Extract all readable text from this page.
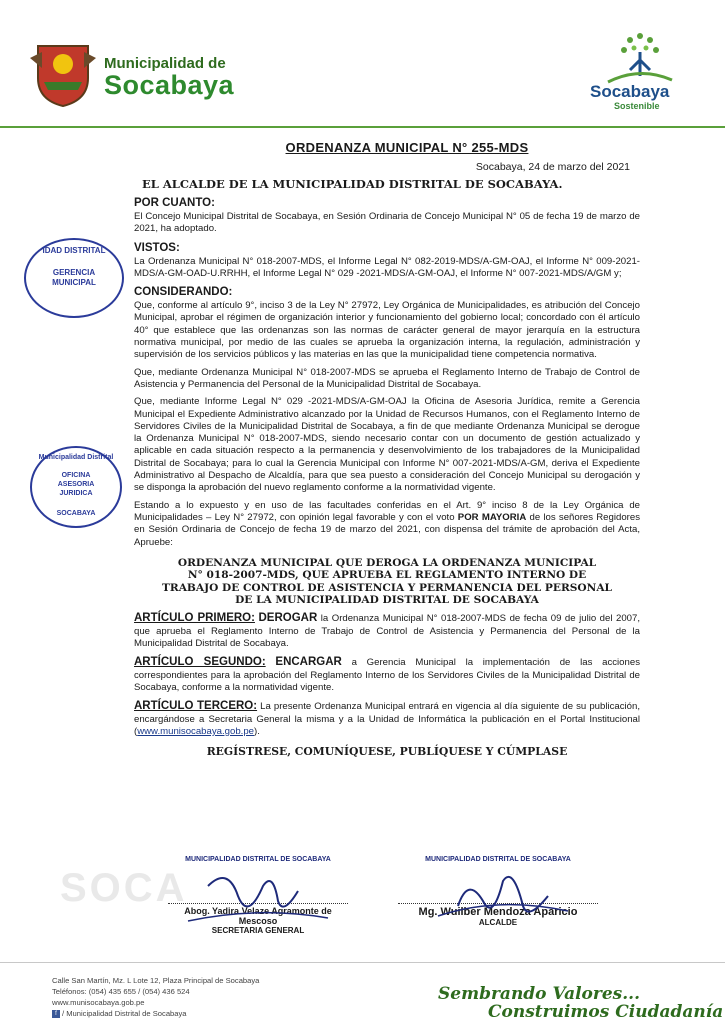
Municipalidad de
Socabaya	Socabaya
Sostenible
IDAD DISTRITAL
GERENCIA
MUNICIPAL
Municipalidad Distrital
OFICINA
ASESORIA
JURIDICA
SOCABAYA
ORDENANZA MUNICIPAL N° 255-MDS
Socabaya, 24 de marzo del 2021
EL ALCALDE DE LA MUNICIPALIDAD DISTRITAL DE SOCABAYA.
POR CUANTO:
El Concejo Municipal Distrital de Socabaya, en Sesión Ordinaria de Concejo Municipal N° 05 de fecha 19 de marzo de 2021, ha adoptado.
VISTOS:
La Ordenanza Municipal N° 018-2007-MDS, el Informe Legal N° 082-2019-MDS/A-GM-OAJ, el Informe N° 009-2021-MDS/A-GM-OAD-U.RRHH, el Informe Legal N° 029 -2021-MDS/A-GM-OAJ, el Informe N° 007-2021-MDS/A/GM y;
CONSIDERANDO:
Que, conforme al artículo 9°, inciso 3 de la Ley N° 27972, Ley Orgánica de Municipalidades, es atribución del Concejo Municipal, aprobar el régimen de organización interior y funcionamiento del gobierno local; concordado con él artículo 40° que establece que las ordenanzas son las normas de carácter general de mayor jerarquía en la estructura normativa municipal, por medio de las cuales se aprueba la organización interna, la regulación, administración y supervisión de los servicios públicos y las materias en las que la municipalidad tiene competencia normativa.
Que, mediante Ordenanza Municipal N° 018-2007-MDS se aprueba el Reglamento Interno de Trabajo de Control de Asistencia y Permanencia del Personal de la Municipalidad Distrital de Socabaya.
Que, mediante Informe Legal N° 029 -2021-MDS/A-GM-OAJ la Oficina de Asesoria Jurídica, remite a Gerencia Municipal el Expediente Administrativo alcanzado por la Unidad de Recursos Humanos, con el Reglamento Interno de Servidores Civiles de la Municipalidad Distrital de Socabaya, a fin de que mediante Ordenanza Municipal se derogue la Ordenanza Municipal N° 018-2007-MDS, siendo necesario contar con un documento de gestión actualizado y aplicable en cada situación respecto a la permanencia y desenvolvimiento de los trabajadores de la Municipalidad Distrital de Socabaya; para lo cual la Gerencia Municipal con Informe N° 007-2021-MDS/A-GM, deriva el Expediente Administrativo al Despacho de Alcaldía, para que sea puesto a consideración del Concejo Municipal su derogación y se disponga la aprobación del nuevo reglamento conforme a la normatividad vigente.
Estando a lo expuesto y en uso de las facultades conferidas en el Art. 9° inciso 8 de la Ley Orgánica de Municipalidades – Ley N° 27972, con opinión legal favorable y con el voto POR MAYORIA de los señores Regidores en Sesión Ordinaria de Concejo de fecha 19 de marzo del 2021, con dispensa del trámite de aprobación del Acta, Apruebe:
ORDENANZA MUNICIPAL QUE DEROGA LA ORDENANZA MUNICIPAL
N° 018-2007-MDS, QUE APRUEBA EL REGLAMENTO INTERNO DE
TRABAJO DE CONTROL DE ASISTENCIA Y PERMANENCIA DEL PERSONAL
DE LA MUNICIPALIDAD DISTRITAL DE SOCABAYA
ARTÍCULO PRIMERO: DEROGAR la Ordenanza Municipal N° 018-2007-MDS de fecha 09 de julio del 2007, que aprueba el Reglamento Interno de Trabajo de Control de Asistencia y Permanencia del Personal de la Municipalidad Distrital de Socabaya.
ARTÍCULO SEGUNDO: ENCARGAR a Gerencia Municipal la implementación de las acciones correspondientes para la aprobación del Reglamento Interno de los Servidores Civiles de la Municipalidad Distrital de Socabaya, conforme a la normatividad vigente.
ARTÍCULO TERCERO: La presente Ordenanza Municipal entrará en vigencia al día siguiente de su publicación, encargándose a Secretaria General la misma y a la Unidad de Informática la publicación en el Portal Institucional (www.munisocabaya.gob.pe).
REGÍSTRESE, COMUNÍQUESE, PUBLÍQUESE Y CÚMPLASE
SOCA
MUNICIPALIDAD DISTRITAL DE SOCABAYA
Abog. Yadira Velaze Agramonte de Mescoso
SECRETARIA GENERAL
MUNICIPALIDAD DISTRITAL DE SOCABAYA
Mg. Wuilber Mendoza Aparicio
ALCALDE
Calle San Martín, Mz. L Lote 12, Plaza Principal de Socabaya
Teléfonos: (054) 435 655 / (054) 436 524
www.munisocabaya.gob.pe
f / Municipalidad Distrital de Socabaya
Sembrando Valores...
Construimos Ciudadanía
